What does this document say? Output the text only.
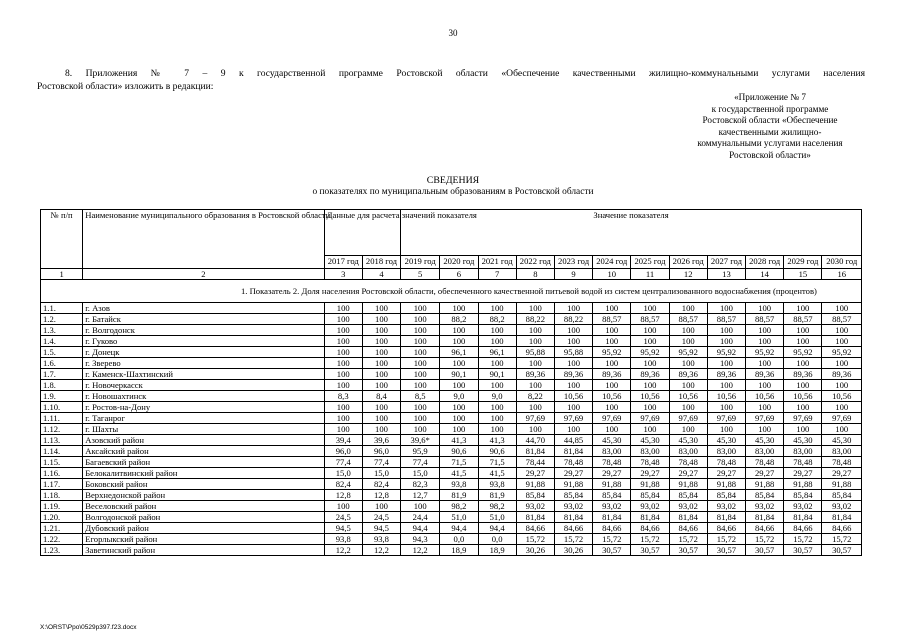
30
8. Приложения № 7 – 9 к государственной программе Ростовской области «Обеспечение качественными жилищно-коммунальными услугами населения
Ростовской области» изложить в редакции:
«Приложение № 7
к государственной программе
Ростовской области «Обеспечение
качественными жилищно-
коммунальными услугами населения
Ростовской области»
СВЕДЕНИЯ
о показателях по муниципальным образованиям в Ростовской области
№ п/п	Наименование муниципального образования в Ростовской области	Данные для расчета значений показателя		Значение показателя											
		2017 год	2018 год	2019 год	2020 год	2021 год	2022 год	2023 год	2024 год	2025 год	2026 год	2027 год	2028 год	2029 год	2030 год
1	2	3	4	5	6	7	8	9	10	11	12	13	14	15	16
1. Показатель 2. Доля населения Ростовской области, обеспеченного качественной питьевой водой из систем централизованного водоснабжения (процентов)															
1.1.	г. Азов	100	100	100	100	100	100	100	100	100	100	100	100	100	100
1.2.	г. Батайск	100	100	100	88,2	88,2	88,22	88,22	88,57	88,57	88,57	88,57	88,57	88,57	88,57
1.3.	г. Волгодонск	100	100	100	100	100	100	100	100	100	100	100	100	100	100
1.4.	г. Гуково	100	100	100	100	100	100	100	100	100	100	100	100	100	100
1.5.	г. Донецк	100	100	100	96,1	96,1	95,88	95,88	95,92	95,92	95,92	95,92	95,92	95,92	95,92
1.6.	г. Зверево	100	100	100	100	100	100	100	100	100	100	100	100	100	100
1.7.	г. Каменск-Шахтинский	100	100	100	90,1	90,1	89,36	89,36	89,36	89,36	89,36	89,36	89,36	89,36	89,36
1.8.	г. Новочеркасск	100	100	100	100	100	100	100	100	100	100	100	100	100	100
1.9.	г. Новошахтинск	8,3	8,4	8,5	9,0	9,0	8,22	10,56	10,56	10,56	10,56	10,56	10,56	10,56	10,56
1.10.	г. Ростов-на-Дону	100	100	100	100	100	100	100	100	100	100	100	100	100	100
1.11.	г. Таганрог	100	100	100	100	100	97,69	97,69	97,69	97,69	97,69	97,69	97,69	97,69	97,69
1.12.	г. Шахты	100	100	100	100	100	100	100	100	100	100	100	100	100	100
1.13.	Азовский район	39,4	39,6	39,6*	41,3	41,3	44,70	44,85	45,30	45,30	45,30	45,30	45,30	45,30	45,30
1.14.	Аксайский район	96,0	96,0	95,9	90,6	90,6	81,84	81,84	83,00	83,00	83,00	83,00	83,00	83,00	83,00
1.15.	Багаевский район	77,4	77,4	77,4	71,5	71,5	78,44	78,48	78,48	78,48	78,48	78,48	78,48	78,48	78,48
1.16.	Белокалитвинский район	15,0	15,0	15,0	41,5	41,5	29,27	29,27	29,27	29,27	29,27	29,27	29,27	29,27	29,27
1.17.	Боковский район	82,4	82,4	82,3	93,8	93,8	91,88	91,88	91,88	91,88	91,88	91,88	91,88	91,88	91,88
1.18.	Верхнедонской район	12,8	12,8	12,7	81,9	81,9	85,84	85,84	85,84	85,84	85,84	85,84	85,84	85,84	85,84
1.19.	Веселовский район	100	100	100	98,2	98,2	93,02	93,02	93,02	93,02	93,02	93,02	93,02	93,02	93,02
1.20.	Волгодонской район	24,5	24,5	24,4	51,0	51,0	81,84	81,84	81,84	81,84	81,84	81,84	81,84	81,84	81,84
1.21.	Дубовский район	94,5	94,5	94,4	94,4	94,4	84,66	84,66	84,66	84,66	84,66	84,66	84,66	84,66	84,66
1.22.	Егорлыкский район	93,8	93,8	94,3	0,0	0,0	15,72	15,72	15,72	15,72	15,72	15,72	15,72	15,72	15,72
1.23.	Заветинский район	12,2	12,2	12,2	18,9	18,9	30,26	30,26	30,57	30,57	30,57	30,57	30,57	30,57	30,57
X:\ORST\Ppo\0529p397.f23.docx
